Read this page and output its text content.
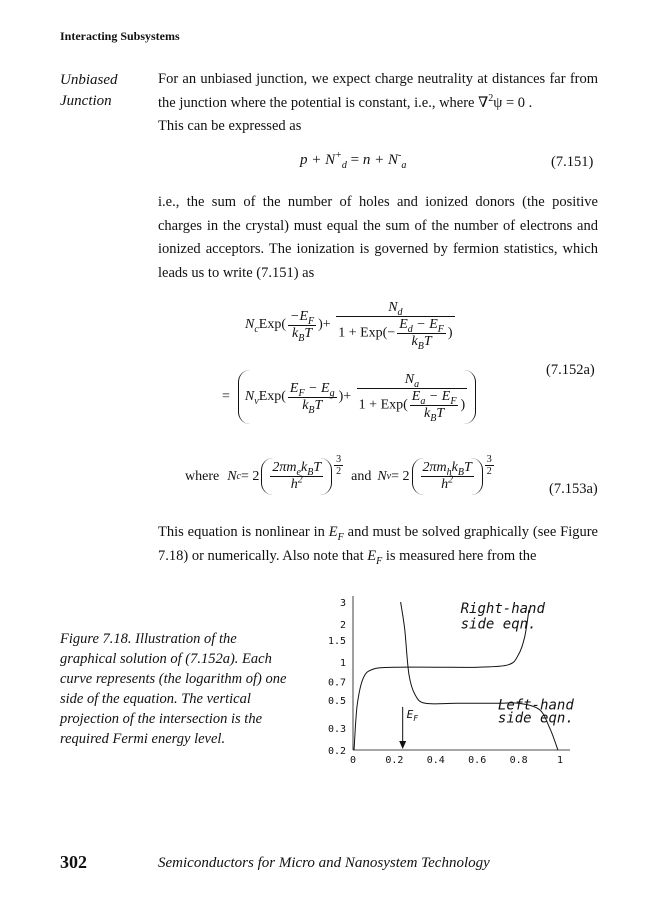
Interacting Subsystems
Unbiased
Junction

For an unbiased junction, we expect charge neutrality at distances far from the junction where the potential is constant, i.e., where ∇$^2$ψ = 0 .

This can be expressed as

$p + N^+_d = n + N^-_a$	(7.151)
i.e., the sum of the number of holes and ionized donors (the positive charges in the crystal) must equal the sum of the number of electrons and ionized acceptors. The ionization is governed by fermion statistics, which leads us to write (7.151) as
$N_cExp( \frac{-E_F}{k_BT}$ )+ $\frac{N_d}{1 + Exp(- \frac{E_d - E_F}{k_BT} )}$
=	$N_vExp( \frac{E_F - E_g}{k_BT}$ )+ $\frac{N_a}{1 + Exp( \frac{E_a - E_F}{k_BT} )}$
(7.152a)
where N $c = 2 \frac{2\pi m_ek_BT}{h^2} \frac{3}{2}$ and N $v = 2 \frac{2\pi m_hk_BT}{h^2} \frac{3}{2}$
(7.153a)
This equation is nonlinear in $E_F$ and must be solved graphically (see Figure 7.18) or numerically. Also note that $E_F$ is measured here from the
Figure 7.18. Illustration of the graphical solution of (7.152a). Each curve represents (the logarithm of) one side of the equation. The vertical projection of the intersection is the required Fermi energy level.
3
2
1.5
1
0.7
0.5
0.3
0.2
0	0.2 0.4 0.6 0.8	1
Right-hand
side eqn.
Left-hand
side eqn.
$E_F$
302	Semiconductors for Micro and Nanosystem Technology
